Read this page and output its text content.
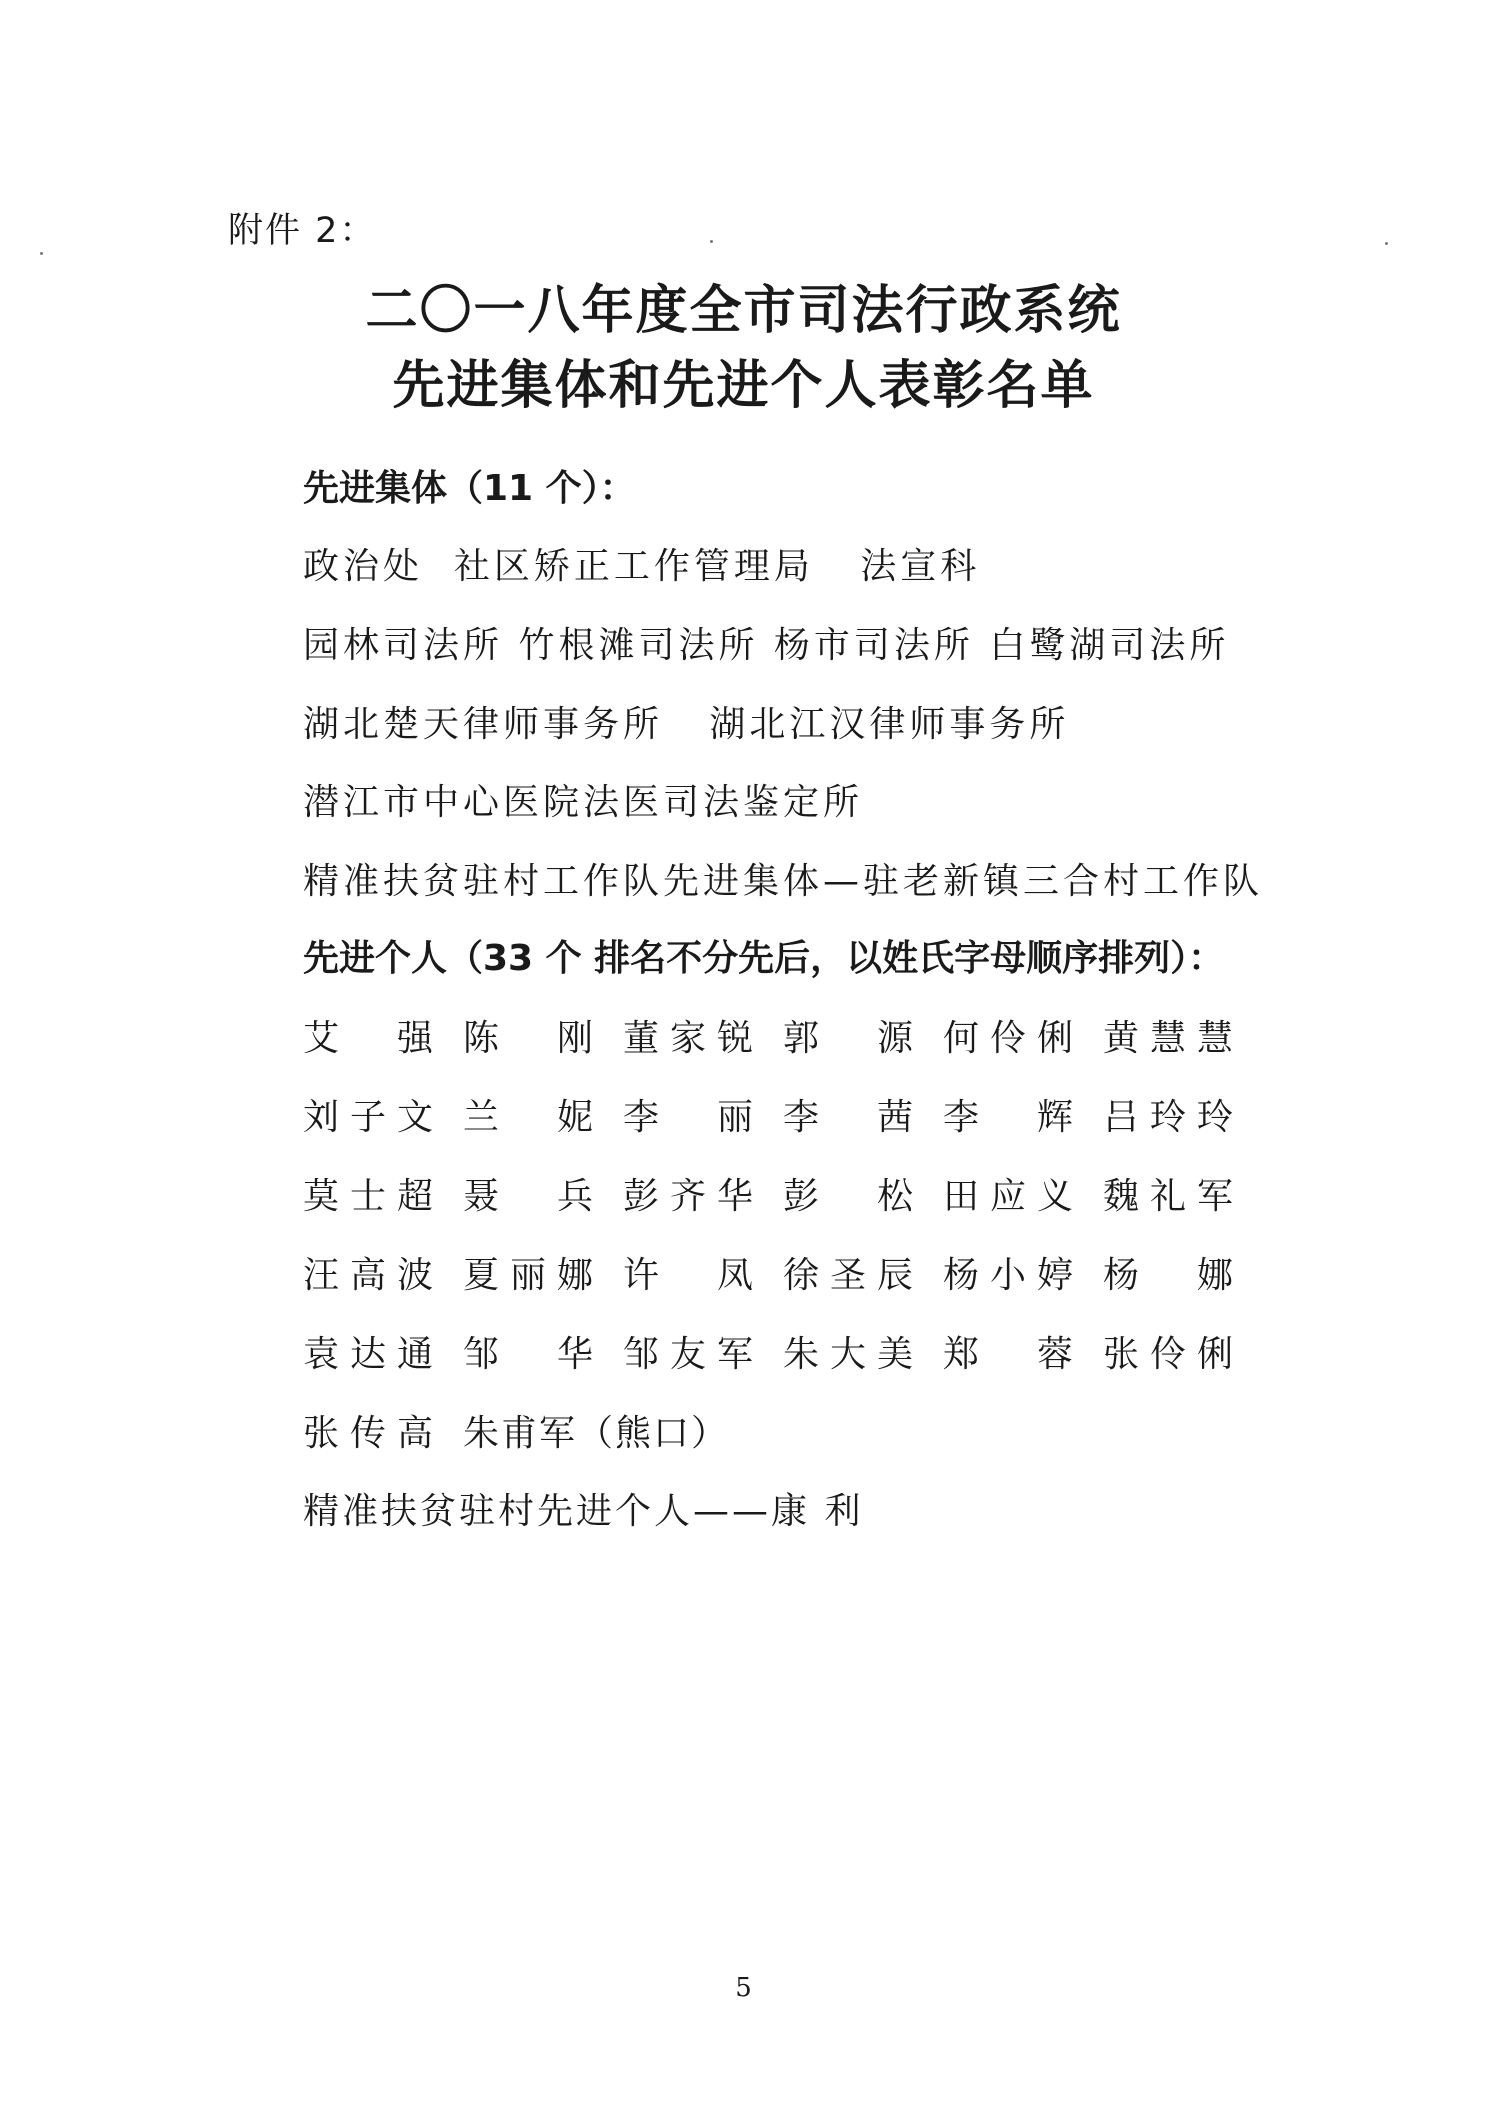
附件 2：
二〇一八年度全市司法行政系统
先进集体和先进个人表彰名单
先进集体（11 个）：
政治处  社区矫正工作管理局   法宣科
园林司法所 竹根滩司法所 杨市司法所 白鹭湖司法所
湖北楚天律师事务所   湖北江汉律师事务所
潜江市中心医院法医司法鉴定所
精准扶贫驻村工作队先进集体—驻老新镇三合村工作队
先进个人（33 个 排名不分先后，以姓氏字母顺序排列）：
艾 强 陈 刚 董 家 锐 郭 源 何 伶 俐 黄 慧 慧
刘 子 文 兰 妮 李 丽 李 茜 李 辉 吕 玲 玲
莫 士 超 聂 兵 彭 齐 华 彭 松 田 应 义 魏 礼 军
汪 高 波 夏 丽 娜 许 凤 徐 圣 辰 杨 小 婷 杨 娜
袁 达 通 邹 华 邹 友 军 朱 大 美 郑 蓉 张 伶 俐
张 传 高 朱甫军（熊口）
精准扶贫驻村先进个人——康 利
5
